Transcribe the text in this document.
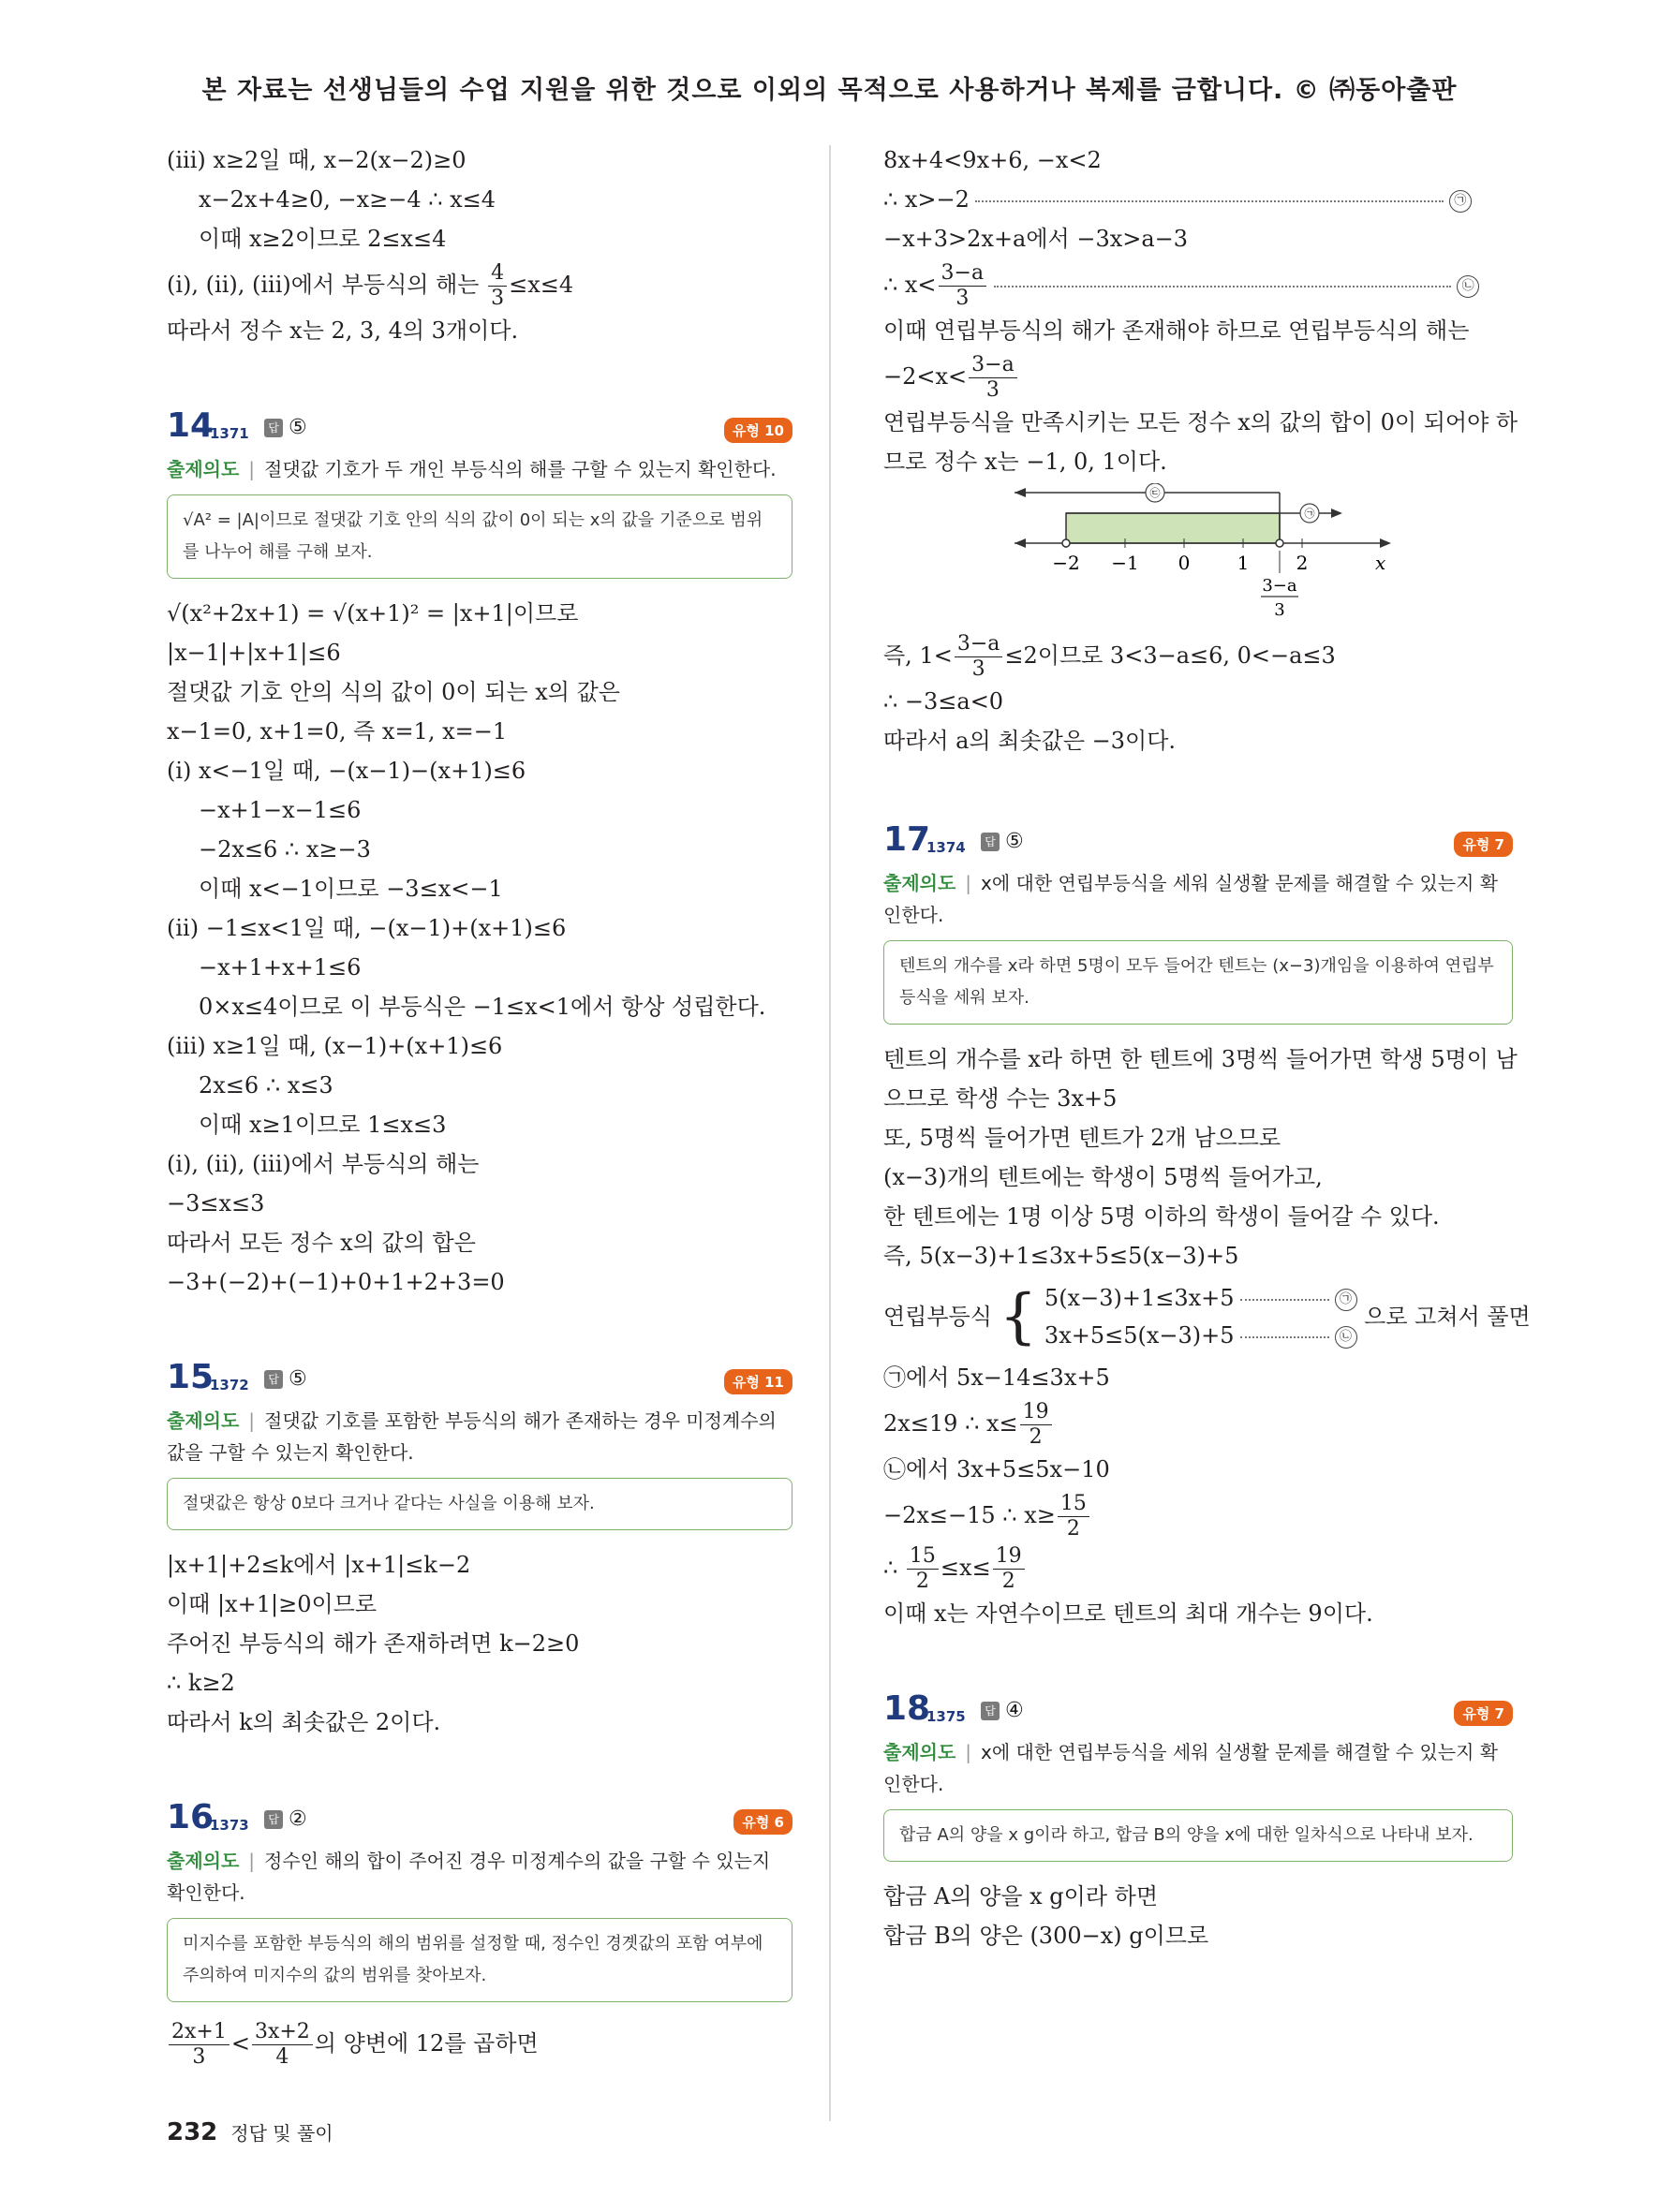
본 자료는 선생님들의 수업 지원을 위한 것으로 이외의 목적으로 사용하거나 복제를 금합니다. © ㈜동아출판
(iii) x≥2일 때, x−2(x−2)≥0
x−2x+4≥0, −x≥−4 ∴ x≤4
이때 x≥2이므로 2≤x≤4
(i), (ii), (iii)에서 부등식의 해는 $\frac{4}{3} \le x\le 4$
따라서 정수 x는 2, 3, 4의 3개이다.
14
1371	답 ⑤	유형 10
출제의도 | 절댓값 기호가 두 개인 부등식의 해를 구할 수 있는지 확인한다.
√A² = |A|이므로 절댓값 기호 안의 식의 값이 0이 되는 x의 값을 기준으로 범위를 나누어 해를 구해 보자.
√(x²+2x+1) = √(x+1)² = |x+1|이므로
|x−1|+|x+1|≤6
절댓값 기호 안의 식의 값이 0이 되는 x의 값은
x−1=0, x+1=0, 즉 x=1, x=−1
(i) x<−1일 때, −(x−1)−(x+1)≤6
−x+1−x−1≤6
−2x≤6 ∴ x≥−3
이때 x<−1이므로 −3≤x<−1
(ii) −1≤x<1일 때, −(x−1)+(x+1)≤6
−x+1+x+1≤6
0×x≤4이므로 이 부등식은 −1≤x<1에서 항상 성립한다.
(iii) x≥1일 때, (x−1)+(x+1)≤6
2x≤6 ∴ x≤3
이때 x≥1이므로 1≤x≤3
(i), (ii), (iii)에서 부등식의 해는
−3≤x≤3
따라서 모든 정수 x의 값의 합은
−3+(−2)+(−1)+0+1+2+3=0
15
1372	답 ⑤	유형 11
출제의도 | 절댓값 기호를 포함한 부등식의 해가 존재하는 경우 미정계수의 값을 구할 수 있는지 확인한다.
절댓값은 항상 0보다 크거나 같다는 사실을 이용해 보자.
|x+1|+2≤k에서 |x+1|≤k−2
이때 |x+1|≥0이므로
주어진 부등식의 해가 존재하려면 k−2≥0
∴ k≥2
따라서 k의 최솟값은 2이다.
16
1373	답 ②	유형 6
출제의도 | 정수인 해의 합이 주어진 경우 미정계수의 값을 구할 수 있는지 확인한다.
미지수를 포함한 부등식의 해의 범위를 설정할 때, 정수인 경곗값의 포함 여부에 주의하여 미지수의 값의 범위를 찾아보자.
$\frac{2x+1}{3} < \frac{3x+2}{4}$ 의 양변에 12를 곱하면
8x+4<9x+6, −x<2
∴ x>−2	㉠
−x+3>2x+a에서 −3x>a−3
∴ $x< \frac{3-a}{3}$	㉡
이때 연립부등식의 해가 존재해야 하므로 연립부등식의 해는
$-2<x< \frac{3-a}{3}$
연립부등식을 만족시키는 모든 정수 x의 값의 합이 0이 되어야 하
므로 정수 x는 −1, 0, 1이다.
㉢
㉠
−2 −1 0	1	2	x
3−a
3
즉, $1< \frac{3-a}{3} \le 2$이므로 3<3−a≤6, 0<−a≤3
∴ −3≤a<0
따라서 a의 최솟값은 −3이다.
17
1374	답 ⑤	유형 7
출제의도 | x에 대한 연립부등식을 세워 실생활 문제를 해결할 수 있는지 확인한다.
텐트의 개수를 x라 하면 5명이 모두 들어간 텐트는 (x−3)개임을 이용하여 연립부등식을 세워 보자.
텐트의 개수를 x라 하면 한 텐트에 3명씩 들어가면 학생 5명이 남
으므로 학생 수는 3x+5
또, 5명씩 들어가면 텐트가 2개 남으므로
(x−3)개의 텐트에는 학생이 5명씩 들어가고,
한 텐트에는 1명 이상 5명 이하의 학생이 들어갈 수 있다.
즉, 5(x−3)+1≤3x+5≤5(x−3)+5
연립부등식 { 5(x−3)+1≤3x+5	㉠
3x+5≤5(x−3)+5	㉡
으로 고쳐서 풀면
㉠에서 5x−14≤3x+5
2x≤19 ∴ $x\le \frac{19}{2}$
㉡에서 3x+5≤5x−10
−2x≤−15 ∴ $x\ge \frac{15}{2}$
∴ $\frac{15}{2} \le x\le \frac{19}{2}$
이때 x는 자연수이므로 텐트의 최대 개수는 9이다.
18
1375	답 ④	유형 7
출제의도 | x에 대한 연립부등식을 세워 실생활 문제를 해결할 수 있는지 확인한다.
합금 A의 양을 x g이라 하고, 합금 B의 양을 x에 대한 일차식으로 나타내 보자.
합금 A의 양을 x g이라 하면
합금 B의 양은 (300−x) g이므로
232 정답 및 풀이
